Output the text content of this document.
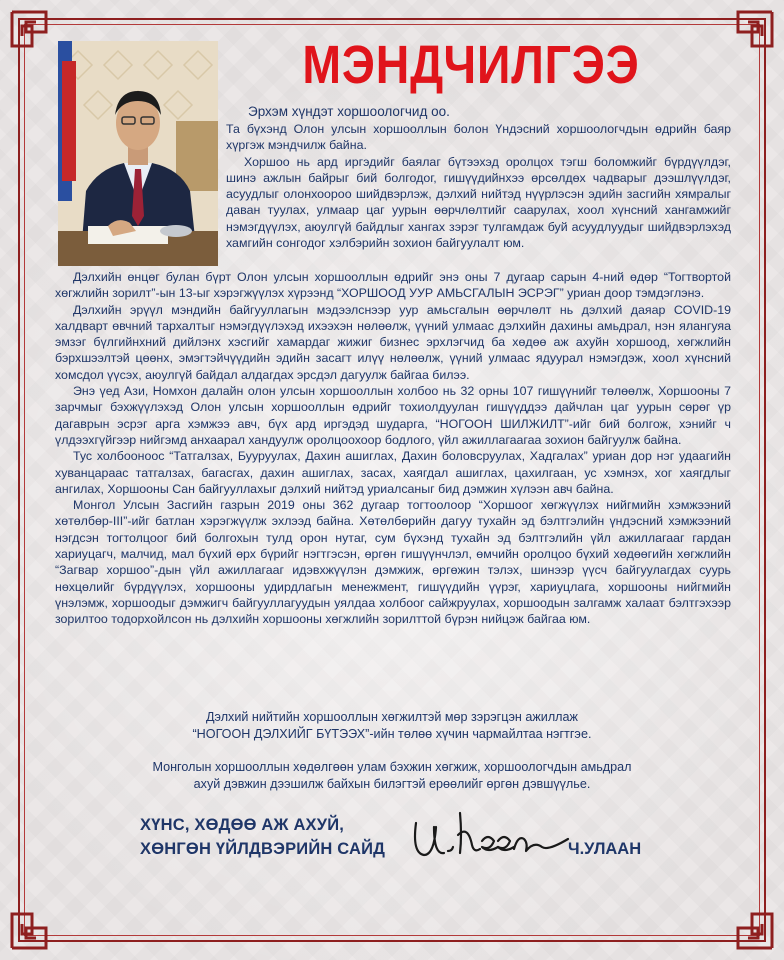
МЭНДЧИЛГЭЭ
Эрхэм хүндэт хоршоологчид оо.

Та бүхэнд Олон улсын хоршооллын болон Үндэсний хоршоологчдын өдрийн баяр хүргэж мэндчилж байна.

Хоршоо нь ард иргэдийг баялаг бүтээхэд оролцох тэгш боломжийг бүрдүүлдэг, шинэ ажлын байрыг бий болгодог, гишүүдийнхээ өрсөлдөх чадварыг дээшлүүлдэг, асуудлыг олонхоороо шийдвэрлэж, дэлхий нийтэд нүүрлэсэн эдийн засгийн хямралыг даван туулах, улмаар цаг уурын өөрчлөлтийг саарулах, хоол хүнсний хангамжийг нэмэгдүүлэх, аюулгүй байдлыг хангах зэрэг тулгамдаж буй асуудлуудыг шийдвэрлэхэд хамгийн сонгодог хэлбэрийн зохион байгуулалт юм.

Дэлхийн өнцөг булан бүрт Олон улсын хоршооллын өдрийг энэ оны 7 дугаар сарын 4-ний өдөр “Тогтвортой хөгжлийн зорилт”-ын 13-ыг хэрэгжүүлэх хүрээнд “ХОРШООД УУР АМЬСГАЛЫН ЭСРЭГ” уриан доор тэмдэглэнэ.

Дэлхийн эрүүл мэндийн байгууллагын мэдээлснээр уур амьсгалын өөрчлөлт нь дэлхий даяар COVID-19 халдварт өвчний тархалтыг нэмэгдүүлэхэд ихээхэн нөлөөлж, үүний улмаас дэлхийн дахины амьдрал, нэн ялангуяа эмзэг бүлгийнхний дийлэнх хэсгийг хамардаг жижиг бизнес эрхлэгчид ба хөдөө аж ахуйн хоршоод, хөгжлийн бэрхшээлтэй цөөнх, эмэгтэйчүүдийн эдийн засагт илүү нөлөөлж, үүний улмаас ядуурал нэмэгдэж, хоол хүнсний хомсдол үүсэх, аюулгүй байдал алдагдах эрсдэл дагуулж байгаа билээ.

Энэ үед Ази, Номхон далайн олон улсын хоршооллын холбоо нь 32 орны 107 гишүүнийг төлөөлж, Хоршооны 7 зарчмыг бэхжүүлэхэд Олон улсын хоршооллын өдрийг тохиолдуулан гишүүддээ дайчлан цаг уурын сөрөг үр дагаврын эсрэг арга хэмжээ авч, бүх ард иргэдэд шударга, “НОГООН ШИЛЖИЛТ”-ийг бий болгож, хэнийг ч үлдээхгүйгээр нийгэмд анхаарал хандуулж оролцоохоор бодлого, үйл ажиллагаагаа зохион байгуулж байна.

Тус холбооноос “Татгалзах, Бууруулах, Дахин ашиглах, Дахин боловсруулах, Хадгалах” уриан дор нэг удаагийн хуванцараас татгалзах, багасгах, дахин ашиглах, засах, хаягдал ашиглах, цахилгаан, ус хэмнэх, хог хаягдлыг ангилах, Хоршооны Сан байгууллахыг дэлхий нийтэд уриалсаныг бид дэмжин хүлээн авч байна.

Монгол Улсын Засгийн газрын 2019 оны 362 дугаар тогтоолоор “Хоршоог хөгжүүлэх нийгмийн хэмжээний хөтөлбөр-III”-ийг батлан хэрэгжүүлж эхлээд байна. Хөтөлбөрийн дагуу тухайн эд бэлтгэлийн үндэсний хэмжээний нэгдсэн тогтолцоог бий болгохын тулд орон нутаг, сум бүхэнд тухайн эд бэлтгэлийн үйл ажиллагааг гардан хариуцагч, малчид, мал бүхий өрх бүрийг нэгтгэсэн, өргөн гишүүнчлэл, өмчийн оролцоо бүхий хөдөөгийн хөгжлийн “Загвар хоршоо”-дын үйл ажиллагааг идэвхжүүлэн дэмжиж, өргөжин тэлэх, шинээр үүсч байгуулагдах суурь нөхцөлийг бүрдүүлэх, хоршооны удирдлагын менежмент, гишүүдийн үүрэг, хариуцлага, хоршооны нийгмийн үнэлэмж, хоршоодыг дэмжигч байгууллагуудын уялдаа холбоог сайжруулах, хоршоодын залгамж халаат бэлтгэхээр зорилтоо тодорхойлсон нь дэлхийн хоршооны хөгжлийн зорилттой бүрэн нийцэж байгаа юм.

Дэлхий нийтийн хоршооллын хөгжилтэй мөр зэрэгцэн ажиллаж
“НОГООН ДЭЛХИЙГ БҮТЭЭХ”-ийн төлөө хүчин чармайлтаа нэгтгэе.
Монголын хоршооллын хөдөлгөөн улам бэхжин хөгжиж, хоршоологчдын амьдрал
ахуй дэвжин дээшилж байхын билэгтэй ерөөлийг өргөн дэвшүүлье.
ХҮНС, ХӨДӨӨ АЖ АХУЙ,
ХӨНГӨН ҮЙЛДВЭРИЙН САЙД	Ч.УЛААН
